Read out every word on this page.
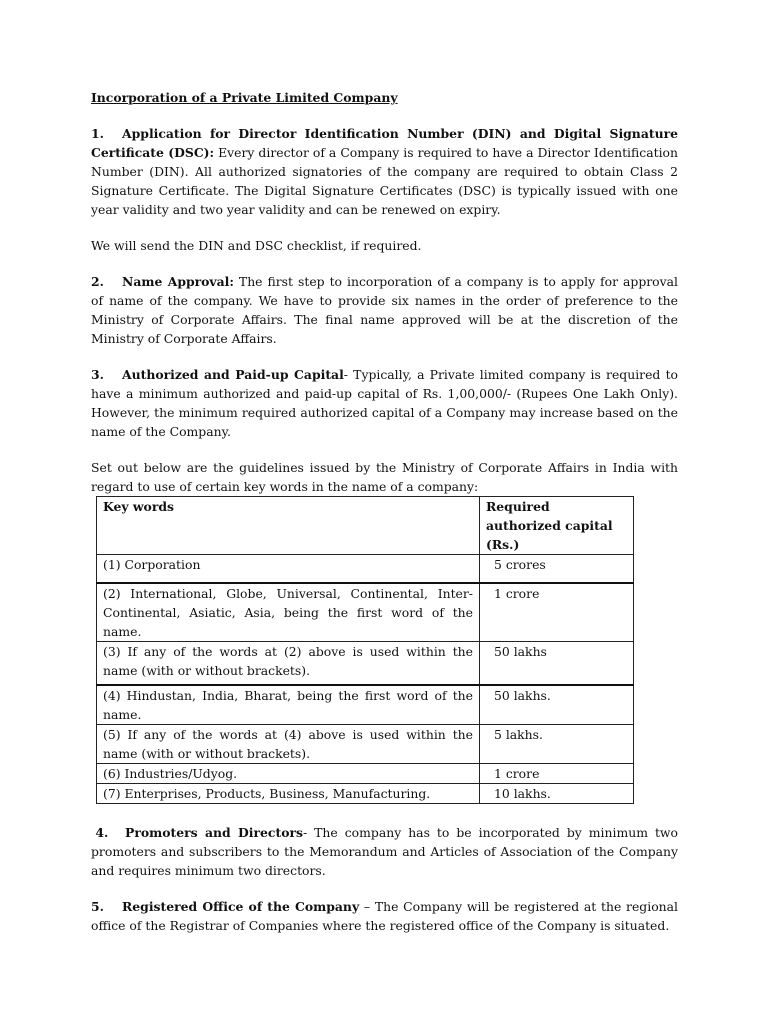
Incorporation of a Private Limited Company

1. Application for Director Identification Number (DIN) and Digital Signature Certificate (DSC): Every director of a Company is required to have a Director Identification Number (DIN). All authorized signatories of the company are required to obtain Class 2 Signature Certificate. The Digital Signature Certificates (DSC) is typically issued with one year validity and two year validity and can be renewed on expiry.

We will send the DIN and DSC checklist, if required.

2. Name Approval: The first step to incorporation of a company is to apply for approval of name of the company. We have to provide six names in the order of preference to the Ministry of Corporate Affairs. The final name approved will be at the discretion of the Ministry of Corporate Affairs.

3. Authorized and Paid-up Capital- Typically, a Private limited company is required to have a minimum authorized and paid-up capital of Rs. 1,00,000/- (Rupees One Lakh Only). However, the minimum required authorized capital of a Company may increase based on the name of the Company.

Set out below are the guidelines issued by the Ministry of Corporate Affairs in India with regard to use of certain key words in the name of a company:

Key words	Required authorized capital (Rs.)
(1) Corporation	5 crores
(2) International, Globe, Universal, Continental, Inter-Continental, Asiatic, Asia, being the first word of the name.	1 crore
(3) If any of the words at (2) above is used within the name (with or without brackets).	50 lakhs
(4) Hindustan, India, Bharat, being the first word of the name.	50 lakhs.
(5) If any of the words at (4) above is used within the name (with or without brackets).	5 lakhs.
(6) Industries/Udyog.	1 crore
(7) Enterprises, Products, Business, Manufacturing.	10 lakhs.

4. Promoters and Directors- The company has to be incorporated by minimum two promoters and subscribers to the Memorandum and Articles of Association of the Company and requires minimum two directors.

5. Registered Office of the Company – The Company will be registered at the regional office of the Registrar of Companies where the registered office of the Company is situated.
